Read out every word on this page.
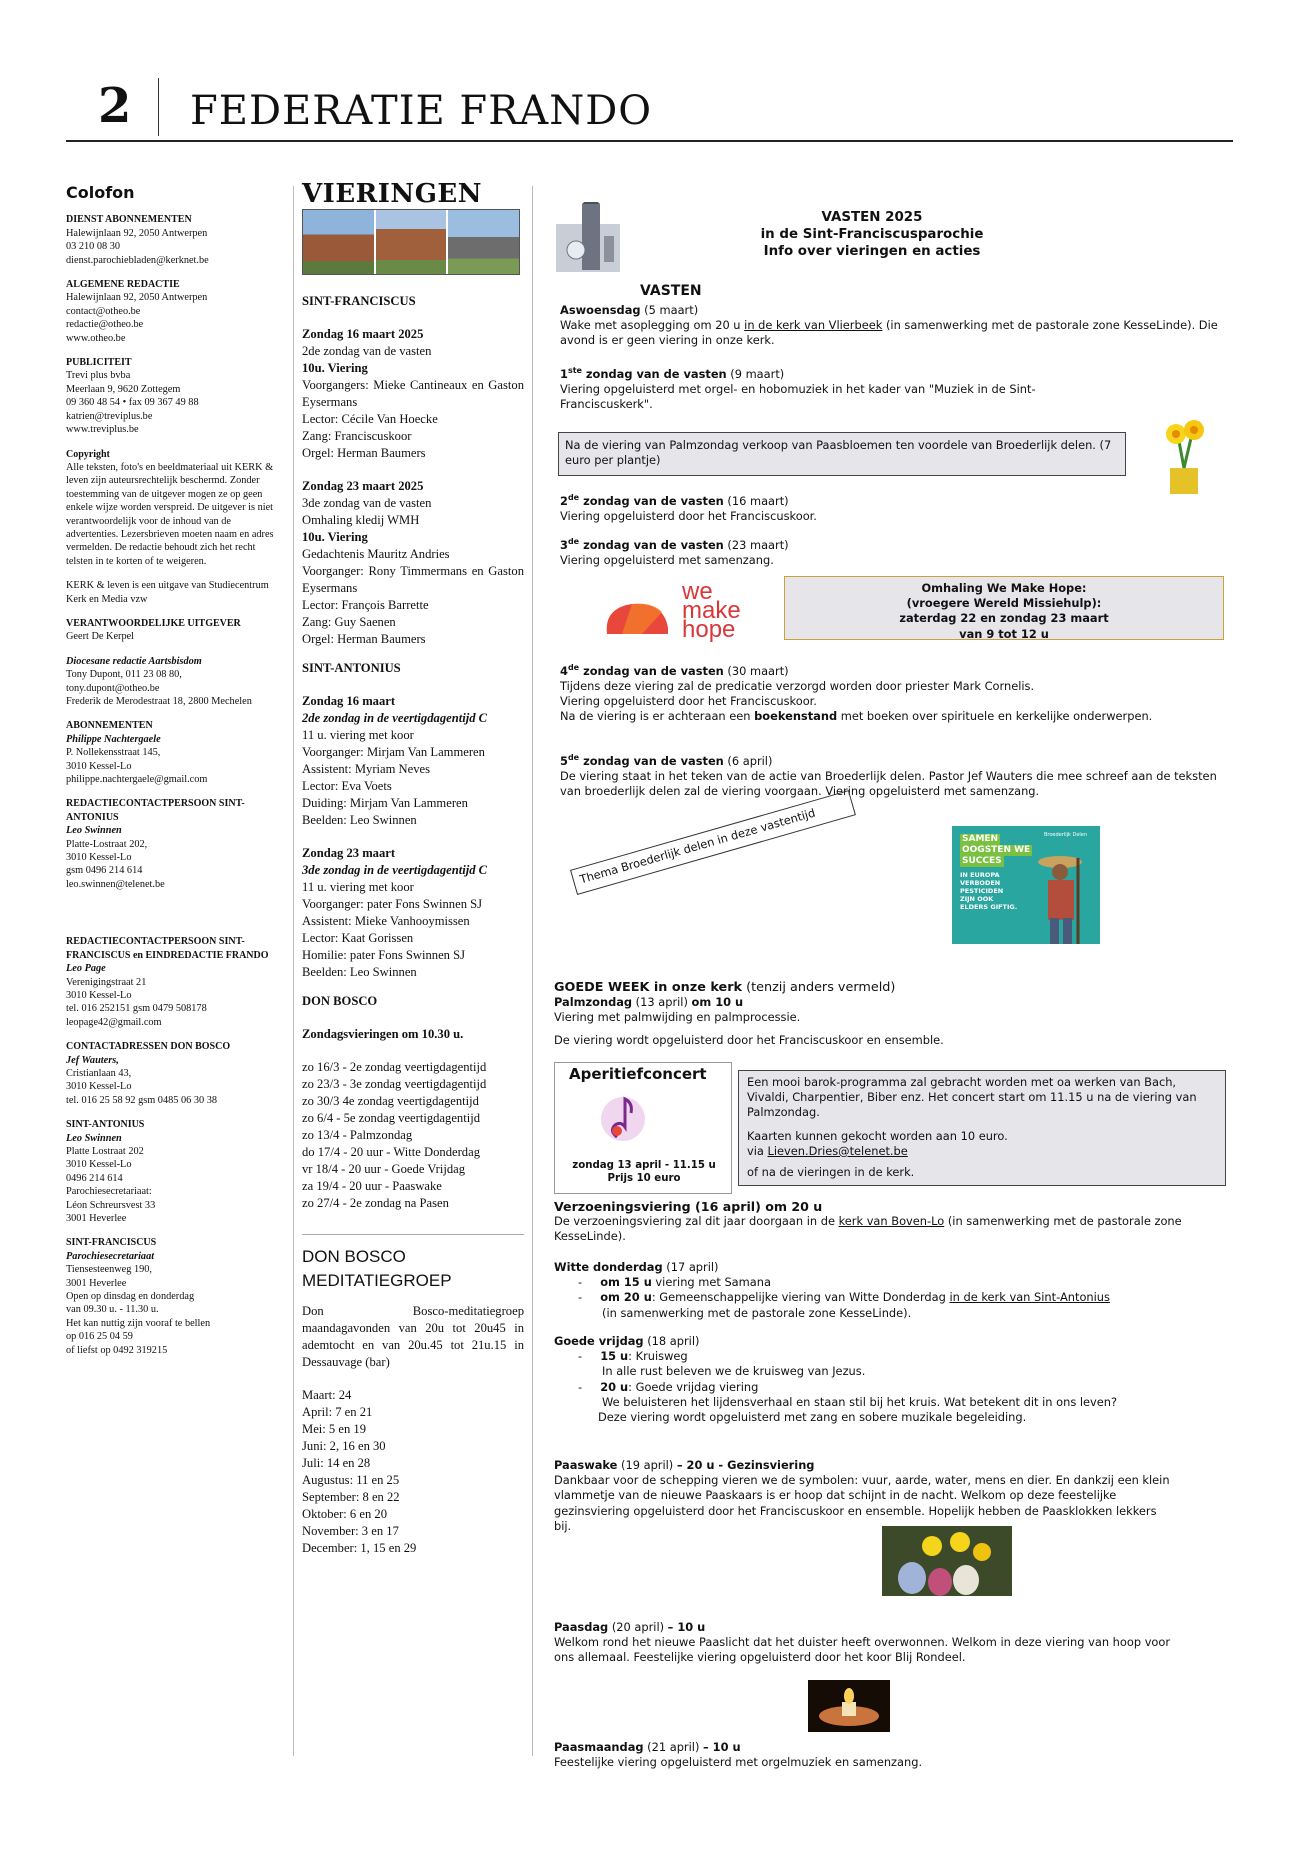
2 FEDERATIE FRANDO
Colofon
DIENST ABONNEMENTEN
Halewijnlaan 92, 2050 Antwerpen
03 210 08 30
dienst.parochiebladen@kerknet.be
ALGEMENE REDACTIE
Halewijnlaan 92, 2050 Antwerpen
contact@otheo.be
redactie@otheo.be
www.otheo.be
PUBLICITEIT
Trevi plus bvba
Meerlaan 9, 9620 Zottegem
09 360 48 54 • fax 09 367 49 88
katrien@treviplus.be
www.treviplus.be
Copyright
Alle teksten, foto's en beeldmateriaal uit KERK & leven zijn auteursrechtelijk beschermd. Zonder toestemming van de uitgever mogen ze op geen enkele wijze worden verspreid. De uitgever is niet verantwoordelijk voor de inhoud van de advertenties. Lezersbrieven moeten naam en adres vermelden. De redactie behoudt zich het recht telsten in te korten of te weigeren.
KERK & leven is een uitgave van Studiecentrum Kerk en Media vzw
VERANTWOORDELIJKE UITGEVER
Geert De Kerpel
Diocesane redactie Aartsbisdom
Tony Dupont, 011 23 08 80,
tony.dupont@otheo.be
Frederik de Merodestraat 18, 2800 Mechelen
ABONNEMENTEN
Philippe Nachtergaele
P. Nollekensstraat 145,
3010 Kessel-Lo
philippe.nachtergaele@gmail.com
REDACTIECONTACTPERSOON SINT-ANTONIUS
Leo Swinnen
Platte-Lostraat 202,
3010 Kessel-Lo
gsm 0496 214 614
leo.swinnen@telenet.be
REDACTIECONTACTPERSOON SINT-FRANCISCUS en EINDREDACTIE FRANDO
Leo Page
Verenigingstraat 21
3010 Kessel-Lo
tel. 016 252151 gsm 0479 508178
leopage42@gmail.com
CONTACTADRESSEN DON BOSCO
Jef Wauters,
Cristianlaan 43,
3010 Kessel-Lo
tel. 016 25 58 92 gsm 0485 06 30 38
SINT-ANTONIUS
Leo Swinnen
Platte Lostraat 202
3010 Kessel-Lo
0496 214 614
Parochiesecretariaat:
Léon Schreursvest 33
3001 Heverlee
SINT-FRANCISCUS
Parochiesecretariaat
Tiensesteenweg 190,
3001 Heverlee
Open op dinsdag en donderdag
van 09.30 u. - 11.30 u.
Het kan nuttig zijn vooraf te bellen
op 016 25 04 59
of liefst op 0492 319215
VIERINGEN
SINT-FRANCISCUS
Zondag 16 maart 2025
2de zondag van de vasten
10u. Viering
Voorgangers: Mieke Cantineaux en Gaston Eysermans
Lector: Cécile Van Hoecke
Zang: Franciscuskoor
Orgel: Herman Baumers
Zondag 23 maart 2025
3de zondag van de vasten
Omhaling kledij WMH
10u. Viering
Gedachtenis Mauritz Andries
Voorganger: Rony Timmermans en Gaston Eysermans
Lector: François Barrette
Zang: Guy Saenen
Orgel: Herman Baumers
SINT-ANTONIUS
Zondag 16 maart
2de zondag in de veertigdagentijd C
11 u. viering met koor
Voorganger: Mirjam Van Lammeren
Assistent: Myriam Neves
Lector: Eva Voets
Duiding: Mirjam Van Lammeren
Beelden: Leo Swinnen
Zondag 23 maart
3de zondag in de veertigdagentijd C
11 u. viering met koor
Voorganger: pater Fons Swinnen SJ
Assistent: Mieke Vanhooymissen
Lector: Kaat Gorissen
Homilie: pater Fons Swinnen SJ
Beelden: Leo Swinnen
DON BOSCO
Zondagsvieringen om 10.30 u.
zo 16/3 - 2e zondag veertigdagentijd
zo 23/3 - 3e zondag veertigdagentijd
zo 30/3 4e zondag veertigdagentijd
zo 6/4 - 5e zondag veertigdagentijd
zo 13/4 - Palmzondag
do 17/4 - 20 uur - Witte Donderdag
vr 18/4 - 20 uur - Goede Vrijdag
za 19/4 - 20 uur - Paaswake
zo 27/4 - 2e zondag na Pasen
DON BOSCO
MEDITATIEGROEP
Don Bosco-meditatiegroep maandagavonden van 20u tot 20u45 in ademtocht en van 20u.45 tot 21u.15 in Dessauvage (bar)
Maart: 24
April: 7 en 21
Mei: 5 en 19
Juni: 2, 16 en 30
Juli: 14 en 28
Augustus: 11 en 25
September: 8 en 22
Oktober: 6 en 20
November: 3 en 17
December: 1, 15 en 29
VASTEN 2025
in de Sint-Franciscusparochie
Info over vieringen en acties
VASTEN
Aswoensdag (5 maart)
Wake met asoplegging om 20 u in de kerk van Vlierbeek (in samenwerking met de pastorale zone KesseLinde). Die avond is er geen viering in onze kerk.
1ste zondag van de vasten (9 maart)
Viering opgeluisterd met orgel- en hobomuziek in het kader van "Muziek in de Sint-Franciscuskerk".
Na de viering van Palmzondag verkoop van Paasbloemen ten voordele van Broederlijk delen. (7 euro per plantje)
2de zondag van de vasten (16 maart)
Viering opgeluisterd door het Franciscuskoor.
3de zondag van de vasten (23 maart)
Viering opgeluisterd met samenzang.
we
make
hope
Omhaling We Make Hope:
(vroegere Wereld Missiehulp):
zaterdag 22 en zondag 23 maart
van 9 tot 12 u
4de zondag van de vasten (30 maart)
Tijdens deze viering zal de predicatie verzorgd worden door priester Mark Cornelis.
Viering opgeluisterd door het Franciscuskoor.
Na de viering is er achteraan een boekenstand met boeken over spirituele en kerkelijke onderwerpen.
5de zondag van de vasten (6 april)
De viering staat in het teken van de actie van Broederlijk delen. Pastor Jef Wauters die mee schreef aan de teksten van broederlijk delen zal de viering voorgaan. Viering opgeluisterd met samenzang.
Thema Broederlijk delen in deze vastentijd	SAMEN OOGSTEN WE SUCCES
IN EUROPA
VERBODEN
PESTICIDEN
ZIJN OOK
ELDERS GIFTIG.
Broederlijk Delen
GOEDE WEEK in onze kerk (tenzij anders vermeld)
Palmzondag (13 april) om 10 u
Viering met palmwijding en palmprocessie.
De viering wordt opgeluisterd door het Franciscuskoor en ensemble.
Aperitiefconcert
zondag 13 april - 11.15 u
Prijs 10 euro
Een mooi barok-programma zal gebracht worden met oa werken van Bach, Vivaldi, Charpentier, Biber enz. Het concert start om 11.15 u na de viering van Palmzondag.
Kaarten kunnen gekocht worden aan 10 euro.
via Lieven.Dries@telenet.be
of na de vieringen in de kerk.
Verzoeningsviering (16 april) om 20 u
De verzoeningsviering zal dit jaar doorgaan in de kerk van Boven-Lo (in samenwerking met de pastorale zone KesseLinde).
Witte donderdag (17 april)
-     om 15 u viering met Samana
-     om 20 u: Gemeenschappelijke viering van Witte Donderdag in de kerk van Sint-Antonius
(in samenwerking met de pastorale zone KesseLinde).
Goede vrijdag (18 april)
-     15 u: Kruisweg
In alle rust beleven we de kruisweg van Jezus.
-     20 u: Goede vrijdag viering
We beluisteren het lijdensverhaal en staan stil bij het kruis. Wat betekent dit in ons leven?
Deze viering wordt opgeluisterd met zang en sobere muzikale begeleiding.
Paaswake (19 april) – 20 u - Gezinsviering
Dankbaar voor de schepping vieren we de symbolen: vuur, aarde, water, mens en dier. En dankzij een klein vlammetje van de nieuwe Paaskaars is er hoop dat schijnt in de nacht. Welkom op deze feestelijke gezinsviering opgeluisterd door het Franciscuskoor en ensemble. Hopelijk hebben de Paasklokken lekkers bij.
Paasdag (20 april) – 10 u
Welkom rond het nieuwe Paaslicht dat het duister heeft overwonnen. Welkom in deze viering van hoop voor ons allemaal. Feestelijke viering opgeluisterd door het koor Blij Rondeel.
Paasmaandag (21 april) – 10 u
Feestelijke viering opgeluisterd met orgelmuziek en samenzang.
